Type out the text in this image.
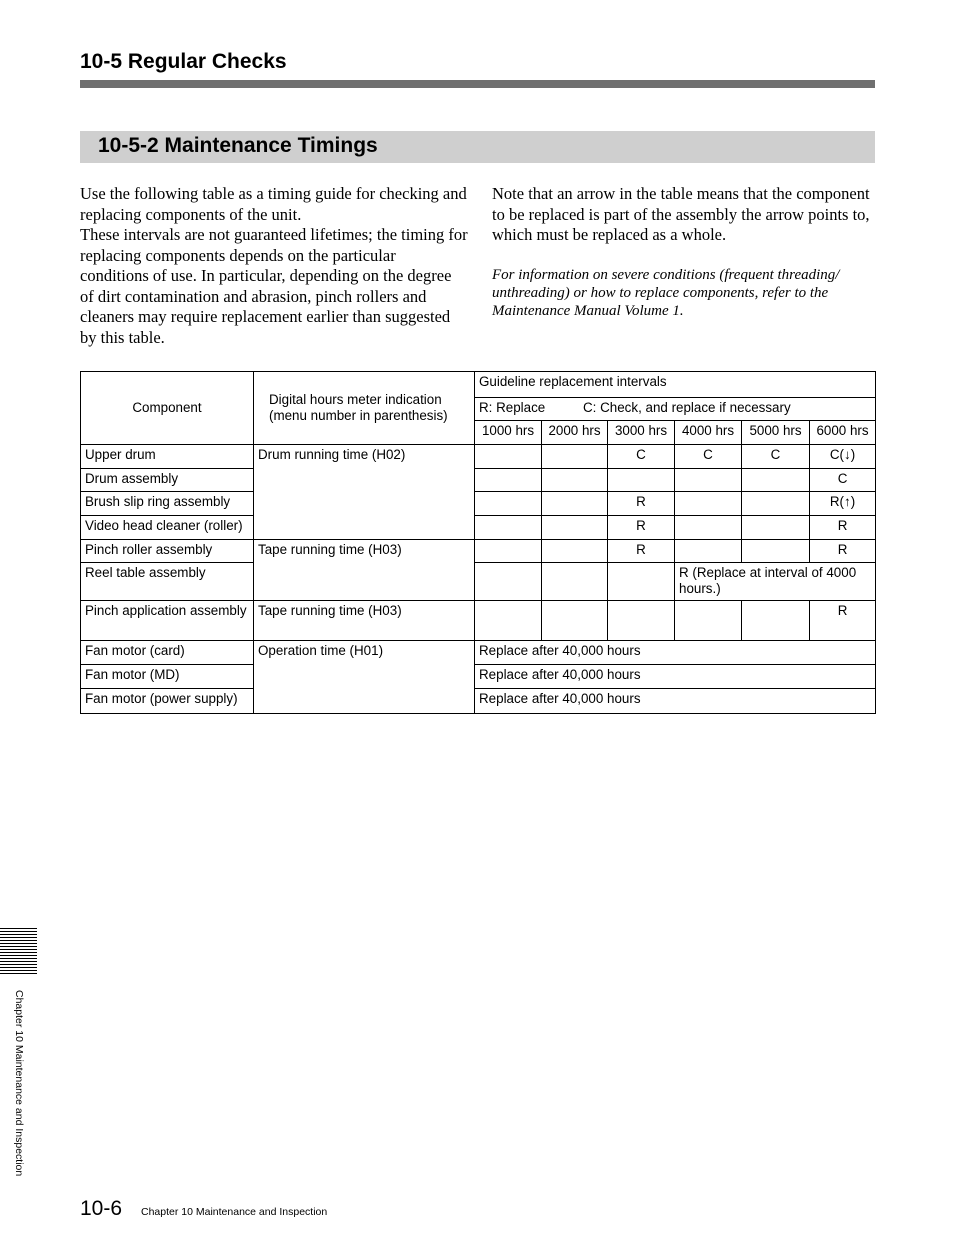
10-5 Regular Checks
10-5-2 Maintenance Timings

Use the following table as a timing guide for checking and replacing components of the unit.

These intervals are not guaranteed lifetimes; the timing for replacing components depends on the particular conditions of use. In particular, depending on the degree of dirt contamination and abrasion, pinch rollers and cleaners may require replacement earlier than suggested by this table.

Note that an arrow in the table means that the component to be replaced is part of the assembly the arrow points to, which must be replaced as a whole.

For information on severe conditions (frequent threading/ unthreading) or how to replace components, refer to the Maintenance Manual Volume 1.

Component	Digital hours meter indication (menu number in parenthesis)	Guideline replacement intervals					
		R: Replace C: Check, and replace if necessary					
		1000 hrs	2000 hrs	3000 hrs	4000 hrs	5000 hrs	6000 hrs
Upper drum	Drum running time (H02)			C	C	C	C(↓)
Drum assembly							C
Brush slip ring assembly				R			R(↑)
Video head cleaner (roller)				R			R
Pinch roller assembly	Tape running time (H03)			R			R
Reel table assembly					R (Replace at interval of 4000 hours.)		
Pinch application assembly	Tape running time (H03)						R
Fan motor (card)	Operation time (H01)	Replace after 40,000 hours					
Fan motor (MD)		Replace after 40,000 hours					
Fan motor (power supply)		Replace after 40,000 hours					
Chapter 10 Maintenance and Inspection
10-6 Chapter 10 Maintenance and Inspection
